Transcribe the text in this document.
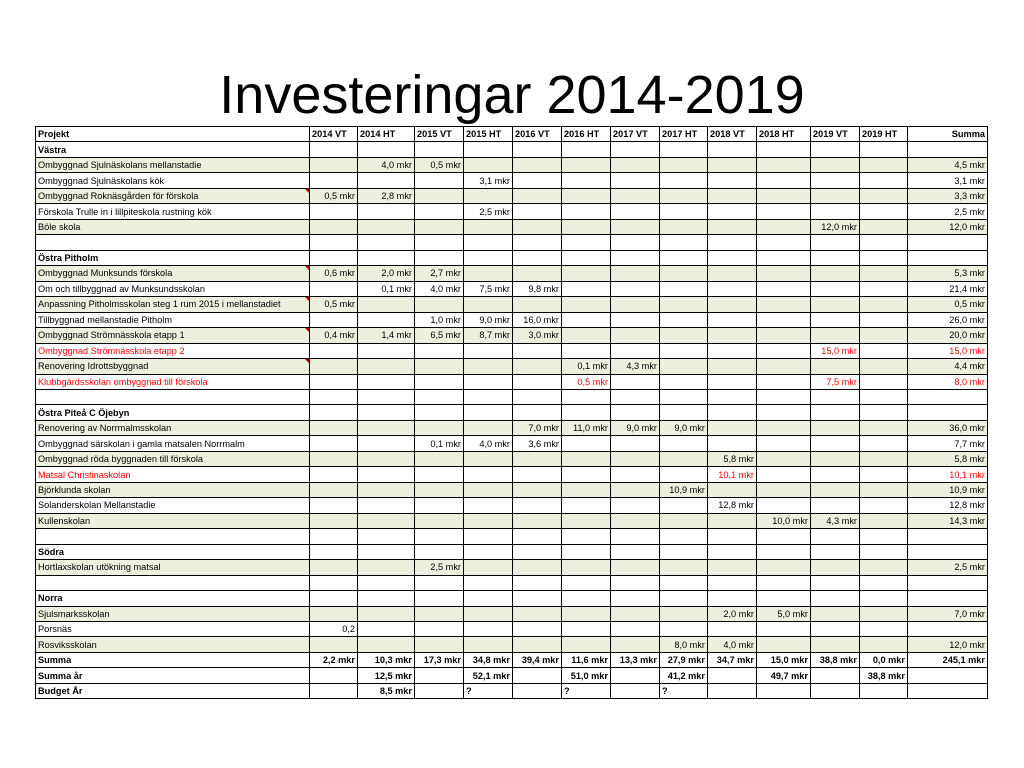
Investeringar 2014-2019
Projekt	2014 VT	2014 HT	2015 VT	2015 HT	2016 VT	2016 HT	2017 VT	2017 HT	2018 VT	2018 HT	2019 VT	2019 HT	Summa
Västra													
Ombyggnad Sjulnäskolans mellanstadie		4,0 mkr	0,5 mkr										4,5 mkr
Ombyggnad Sjulnäskolans kök				3,1 mkr									3,1 mkr
Ombyggnad Roknäsgården för förskola	0,5 mkr	2,8 mkr											3,3 mkr
Förskola Trulle in i lillpiteskola rustning kök				2,5 mkr									2,5 mkr
Böle skola											12,0 mkr		12,0 mkr

Östra Pitholm													
Ombyggnad Munksunds förskola	0,6 mkr	2,0 mkr	2,7 mkr										5,3 mkr
Om och tillbyggnad av Munksundsskolan		0,1 mkr	4,0 mkr	7,5 mkr	9,8 mkr								21,4 mkr
Anpassning Pitholmsskolan steg 1 rum 2015 i mellanstadiet	0,5 mkr												0,5 mkr
Tillbyggnad mellanstadie Pitholm			1,0 mkr	9,0 mkr	16,0 mkr								26,0 mkr
Ombyggnad Strömnässkola etapp 1	0,4 mkr	1,4 mkr	6,5 mkr	8,7 mkr	3,0 mkr								20,0 mkr
Ombyggnad Strömnässkola etapp 2											15,0 mkr		15,0 mkr
Renovering Idrottsbyggnad						0,1 mkr	4,3 mkr						4,4 mkr
Klubbgärdsskolan ombyggnad till förskola						0,5 mkr					7,5 mkr		8,0 mkr

Östra Piteå C Öjebyn													
Renovering av Norrmalmsskolan					7,0 mkr	11,0 mkr	9,0 mkr	9,0 mkr					36,0 mkr
Ombyggnad särskolan i gamla matsalen Norrmalm			0,1 mkr	4,0 mkr	3,6 mkr								7,7 mkr
Ombyggnad röda byggnaden till förskola									5,8 mkr				5,8 mkr
Matsal Christinaskolan									10,1 mkr				10,1 mkr
Björklunda skolan								10,9 mkr					10,9 mkr
Solanderskolan Mellanstadie									12,8 mkr				12,8 mkr
Kullenskolan										10,0 mkr	4,3 mkr		14,3 mkr

Södra													
Hortlaxskolan utökning matsal			2,5 mkr										2,5 mkr

Norra													
Sjulsmarksskolan									2,0 mkr	5,0 mkr			7,0 mkr
Porsnäs	0,2												
Rosviksskolan								8,0 mkr	4,0 mkr				12,0 mkr
Summa	2,2 mkr	10,3 mkr	17,3 mkr	34,8 mkr	39,4 mkr	11,6 mkr	13,3 mkr	27,9 mkr	34,7 mkr	15,0 mkr	38,8 mkr	0,0 mkr	245,1 mkr
Summa år		12,5 mkr		52,1 mkr		51,0 mkr		41,2 mkr		49,7 mkr		38,8 mkr	
Budget År		8,5 mkr		?		?		?					
